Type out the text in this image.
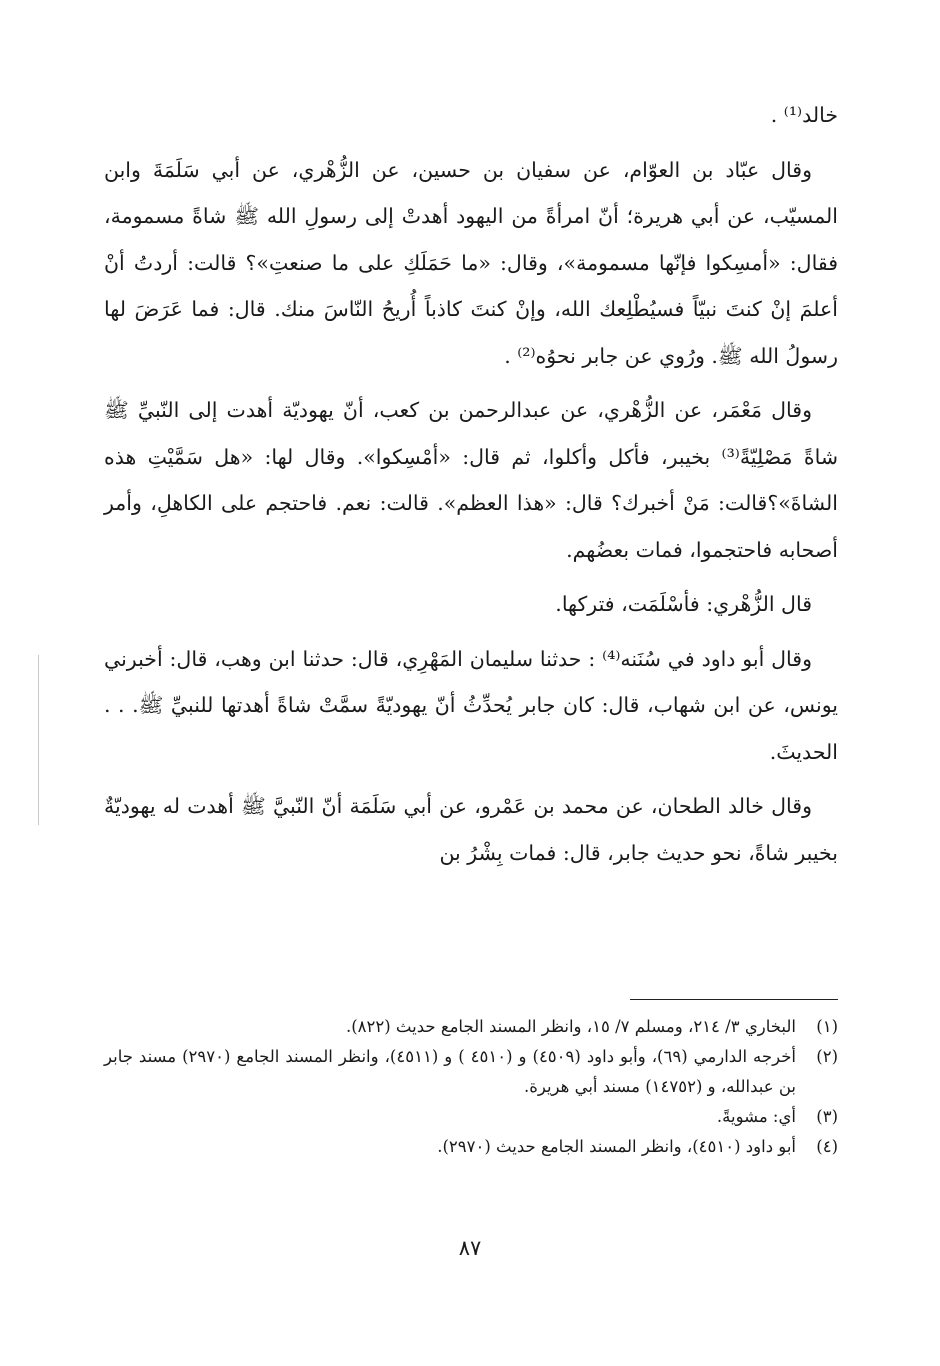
خالد⁽¹⁾ .

وقال عبّاد بن العوّام، عن سفيان بن حسين، عن الزُّهْري، عن أبي سَلَمَةَ وابن المسيّب، عن أبي هريرة؛ أنّ امرأةً من اليهود أهدتْ إلى رسولِ الله ﷺ شاةً مسمومة، فقال: «أمسِكوا فإنّها مسمومة»، وقال: «ما حَمَلَكِ على ما صنعتِ»؟ قالت: أردتُ أنْ أعلمَ إنْ كنتَ نبيّاً فسيُطْلِعك الله، وإنْ كنتَ كاذباً أُريحُ النّاسَ منك. قال: فما عَرَضَ لها رسولُ الله ﷺ. ورُوي عن جابر نحوُه⁽²⁾ .

وقال مَعْمَر، عن الزُّهْري، عن عبدالرحمن بن كعب، أنّ يهوديّة أهدت إلى النّبيِّ ﷺ شاةً مَصْلِيّةً⁽³⁾ بخيبر، فأكل وأكلوا، ثم قال: «أمْسِكوا». وقال لها: «هل سَمَّيْتِ هذه الشاةَ»؟قالت: مَنْ أخبرك؟ قال: «هذا العظم». قالت: نعم. فاحتجم على الكاهلِ، وأمر أصحابه فاحتجموا، فمات بعضُهم.

قال الزُّهْري: فأسْلَمَت، فتركها.

وقال أبو داود في سُنَنه⁽⁴⁾ : حدثنا سليمان المَهْرِي، قال: حدثنا ابن وهب، قال: أخبرني يونس، عن ابن شهاب، قال: كان جابر يُحدِّثُ أنّ يهوديّةً سمَّتْ شاةً أهدتها للنبيِّ ﷺ. . . الحديثَ.

وقال خالد الطحان، عن محمد بن عَمْرو، عن أبي سَلَمَة أنّ النّبيَّ ﷺ أهدت له يهوديّةٌ بخيبر شاةً، نحو حديث جابر، قال: فمات بِشْرُ بن

(١)
البخاري ٣/ ٢١٤، ومسلم ٧/ ١٥، وانظر المسند الجامع حديث (٨٢٢).
(٢)
أخرجه الدارمي (٦٩)، وأبو داود (٤٥٠٩) و (٤٥١٠ ) و (٤٥١١)، وانظر المسند الجامع (٢٩٧٠) مسند جابر بن عبدالله، و (١٤٧٥٢) مسند أبي هريرة.
(٣)
أي: مشويةً.
(٤)
أبو داود (٤٥١٠)، وانظر المسند الجامع حديث (٢٩٧٠).
٨٧
